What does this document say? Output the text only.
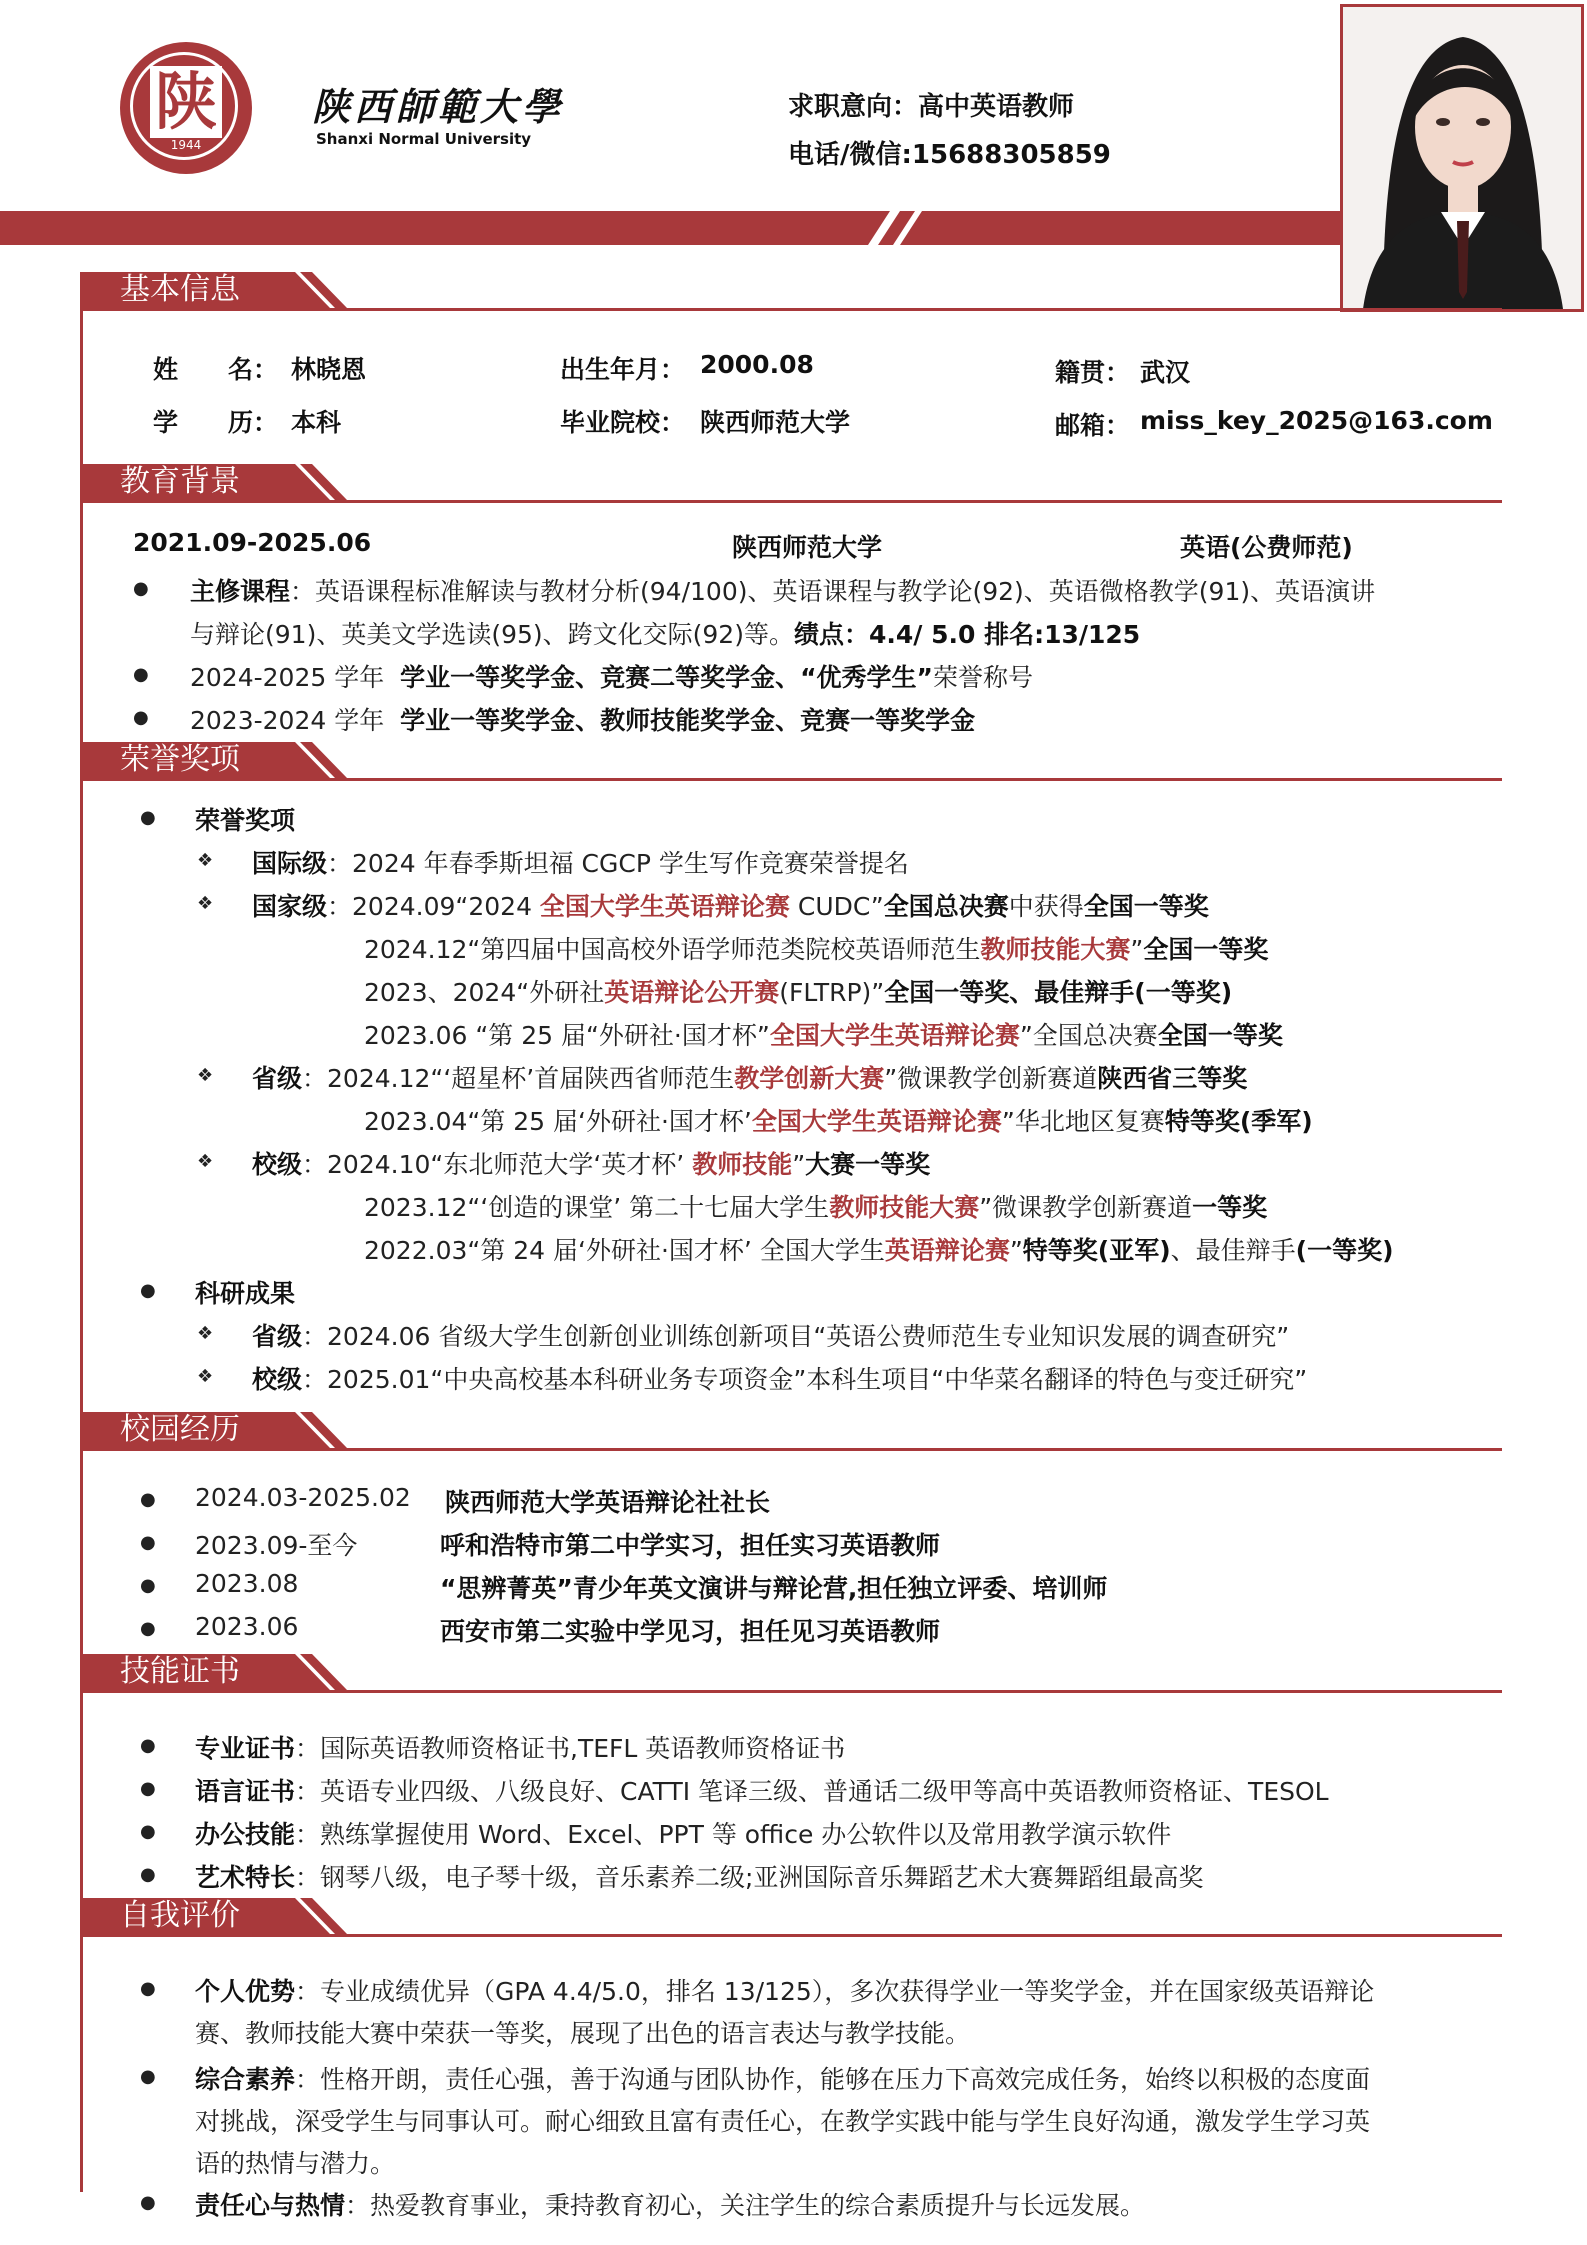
陕
1944
陕西師範大學
Shanxi Normal University
求职意向：高中英语教师
电话/微信:15688305859
基本信息
姓　　名： 林晓恩	出生年月： 2000.08	籍贯： 武汉
学　　历： 本科	毕业院校： 陕西师范大学	邮箱： miss_key_2025@163.com
教育背景
2021.09-2025.06	陕西师范大学	英语(公费师范)
● 主修课程：英语课程标准解读与教材分析(94/100)、英语课程与教学论(92)、英语微格教学(91)、英语演讲
与辩论(91)、英美文学选读(95)、跨文化交际(92)等。绩点：4.4/ 5.0 排名:13/125
● 2024-2025 学年 学业一等奖学金、竞赛二等奖学金、“优秀学生”荣誉称号
● 2023-2024 学年 学业一等奖学金、教师技能奖学金、竞赛一等奖学金
荣誉奖项
● 荣誉奖项
❖ 国际级：2024 年春季斯坦福 CGCP 学生写作竞赛荣誉提名
❖ 国家级：2024.09“2024 全国大学生英语辩论赛 CUDC”全国总决赛中获得全国一等奖
2024.12“第四届中国高校外语学师范类院校英语师范生教师技能大赛”全国一等奖
2023、2024“外研社英语辩论公开赛(FLTRP)”全国一等奖、最佳辩手(一等奖)
2023.06 “第 25 届“外研社·国才杯”全国大学生英语辩论赛”全国总决赛全国一等奖
❖ 省级：2024.12“‘超星杯’首届陕西省师范生教学创新大赛”微课教学创新赛道陕西省三等奖
2023.04“第 25 届‘外研社·国才杯’全国大学生英语辩论赛”华北地区复赛特等奖(季军)
❖ 校级：2024.10“东北师范大学‘英才杯’ 教师技能”大赛一等奖
2023.12“‘创造的课堂’ 第二十七届大学生教师技能大赛”微课教学创新赛道一等奖
2022.03“第 24 届‘外研社·国才杯’ 全国大学生英语辩论赛”特等奖(亚军)、最佳辩手(一等奖)
● 科研成果
❖ 省级：2024.06 省级大学生创新创业训练创新项目“英语公费师范生专业知识发展的调查研究”
❖ 校级：2025.01“中央高校基本科研业务专项资金”本科生项目“中华菜名翻译的特色与变迁研究”
校园经历
● 2024.03-2025.02 陕西师范大学英语辩论社社长
● 2023.09-至今	呼和浩特市第二中学实习，担任实习英语教师
● 2023.08	“思辨菁英”青少年英文演讲与辩论营,担任独立评委、培训师
● 2023.06	西安市第二实验中学见习，担任见习英语教师
技能证书
● 专业证书：国际英语教师资格证书,TEFL 英语教师资格证书
● 语言证书：英语专业四级、八级良好、CATTI 笔译三级、普通话二级甲等高中英语教师资格证、TESOL
● 办公技能：熟练掌握使用 Word、Excel、PPT 等 office 办公软件以及常用教学演示软件
● 艺术特长：钢琴八级，电子琴十级，音乐素养二级;亚洲国际音乐舞蹈艺术大赛舞蹈组最高奖
自我评价
● 个人优势：专业成绩优异（GPA 4.4/5.0，排名 13/125），多次获得学业一等奖学金，并在国家级英语辩论
赛、教师技能大赛中荣获一等奖，展现了出色的语言表达与教学技能。
● 综合素养：性格开朗，责任心强，善于沟通与团队协作，能够在压力下高效完成任务，始终以积极的态度面
对挑战，深受学生与同事认可。耐心细致且富有责任心，在教学实践中能与学生良好沟通，激发学生学习英
语的热情与潜力。
● 责任心与热情：热爱教育事业，秉持教育初心，关注学生的综合素质提升与长远发展。
